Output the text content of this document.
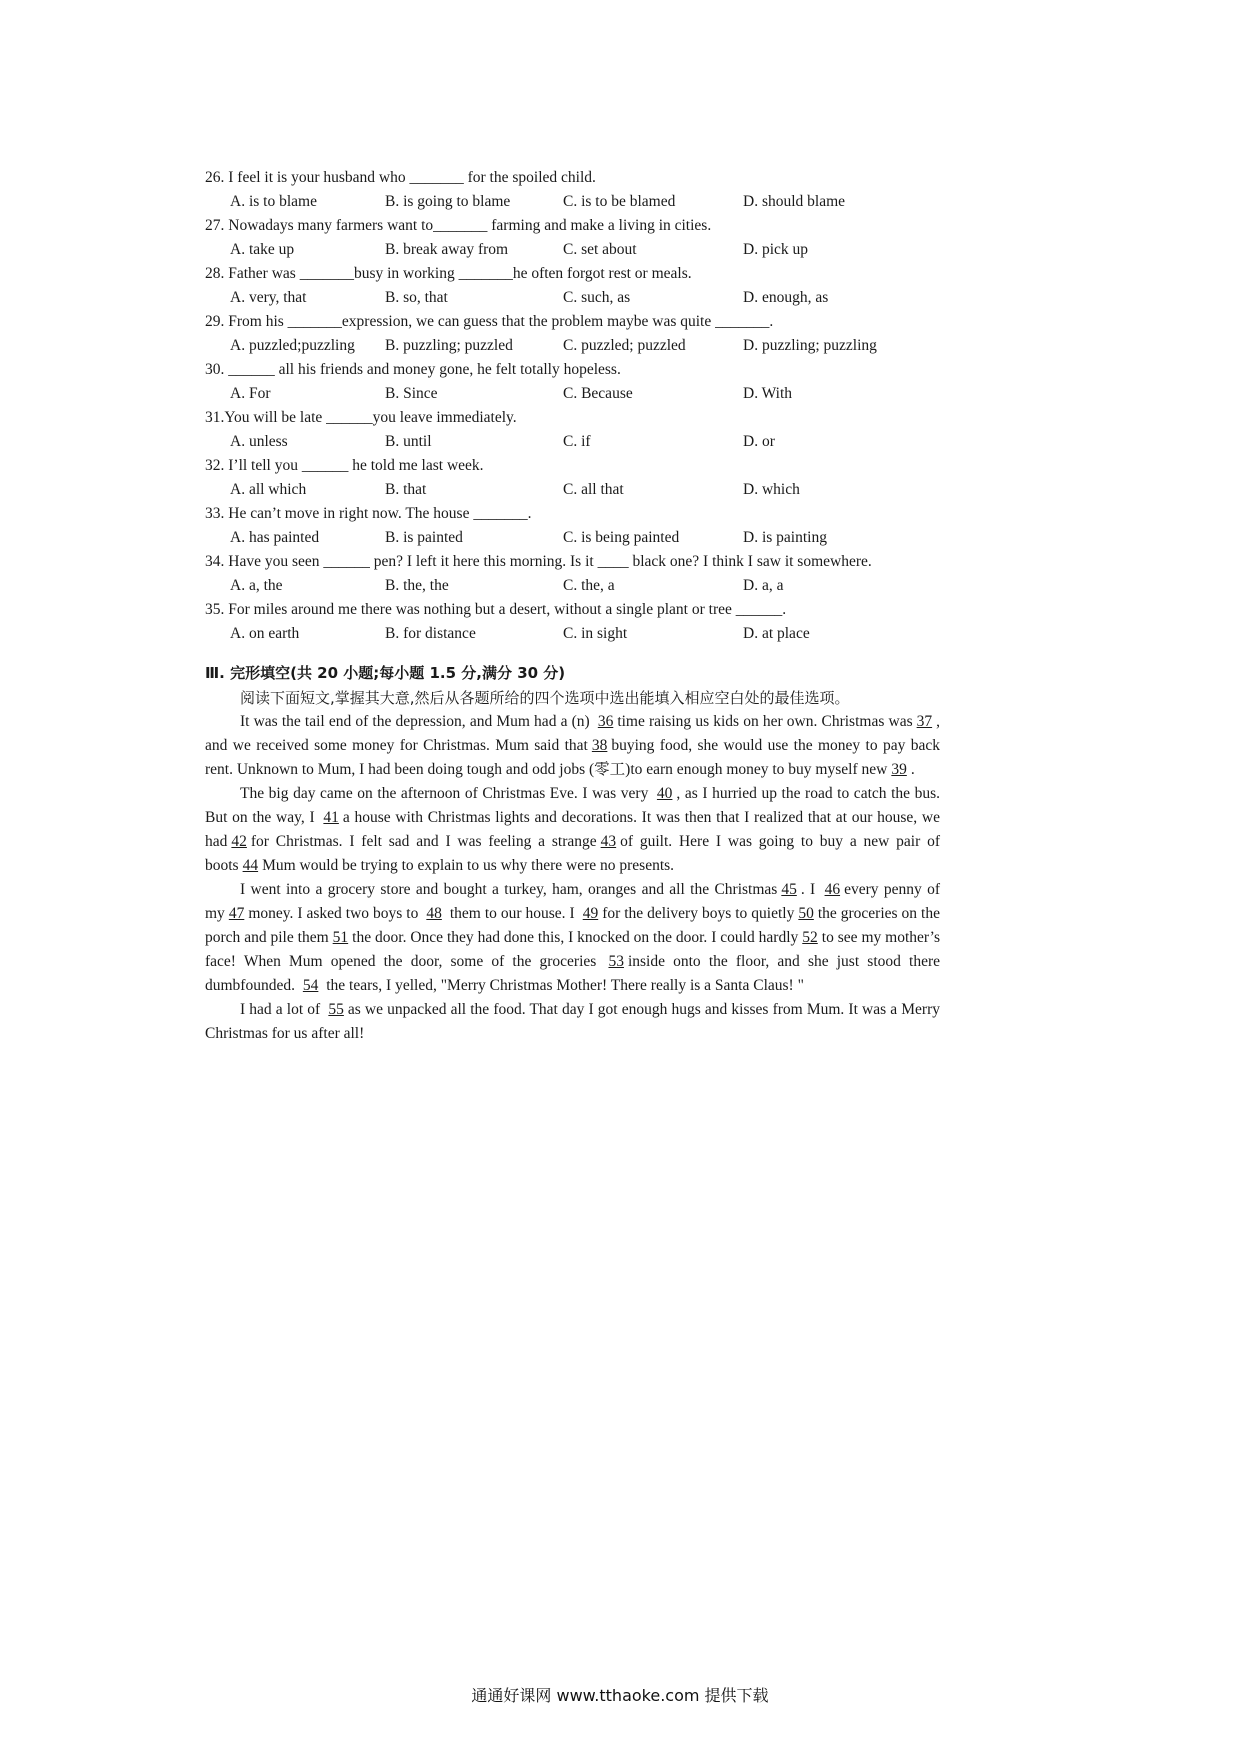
26. I feel it is your husband who _______ for the spoiled child.
A. is to blame	B. is going to blame	C. is to be blamed	D. should blame
27. Nowadays many farmers want to_______ farming and make a living in cities.
A. take up	B. break away from	C. set about	D. pick up
28. Father was _______busy in working _______he often forgot rest or meals.
A. very, that	B. so, that	C. such, as	D. enough, as
29. From his _______expression, we can guess that the problem maybe was quite _______.
A. puzzled;puzzling	B. puzzling; puzzled	C. puzzled; puzzled	D. puzzling; puzzling
30. ______ all his friends and money gone, he felt totally hopeless.
A. For	B. Since	C. Because	D. With
31.You will be late ______you leave immediately.
A. unless	B. until	C. if	D. or
32. I’ll tell you ______ he told me last week.
A. all which	B. that	C. all that	D. which
33. He can’t move in right now. The house _______.
A. has painted	B. is painted	C. is being painted	D. is painting
34. Have you seen ______ pen? I left it here this morning. Is it ____ black one? I think I saw it somewhere.
A. a, the	B. the, the	C. the, a	D. a, a
35. For miles around me there was nothing but a desert, without a single plant or tree ______.
A. on earth	B. for distance	C. in sight	D. at place
Ⅲ. 完形填空(共 20 小题;每小题 1.5 分,满分 30 分)
阅读下面短文,掌握其大意,然后从各题所给的四个选项中选出能填入相应空白处的最佳选项。

It was the tail end of the depression, and Mum had a (n) 36 time raising us kids on her own. Christmas was 37 , and we received some money for Christmas. Mum said that 38 buying food, she would use the money to pay back rent. Unknown to Mum, I had been doing tough and odd jobs (零工)to earn enough money to buy myself new 39 .

The big day came on the afternoon of Christmas Eve. I was very 40 , as I hurried up the road to catch the bus. But on the way, I 41 a house with Christmas lights and decorations. It was then that I realized that at our house, we had 42 for Christmas. I felt sad and I was feeling a strange 43 of guilt. Here I was going to buy a new pair of boots 44 Mum would be trying to explain to us why there were no presents.

I went into a grocery store and bought a turkey, ham, oranges and all the Christmas 45 . I 46 every penny of my 47 money. I asked two boys to 48 them to our house. I 49 for the delivery boys to quietly 50 the groceries on the porch and pile them 51 the door. Once they had done this, I knocked on the door. I could hardly 52 to see my mother’s face! When Mum opened the door, some of the groceries 53 inside onto the floor, and she just stood there dumbfounded. 54 the tears, I yelled, "Merry Christmas Mother! There really is a Santa Claus! "

I had a lot of 55 as we unpacked all the food. That day I got enough hugs and kisses from Mum. It was a Merry Christmas for us after all!

通通好课网 www.tthaoke.com 提供下载
